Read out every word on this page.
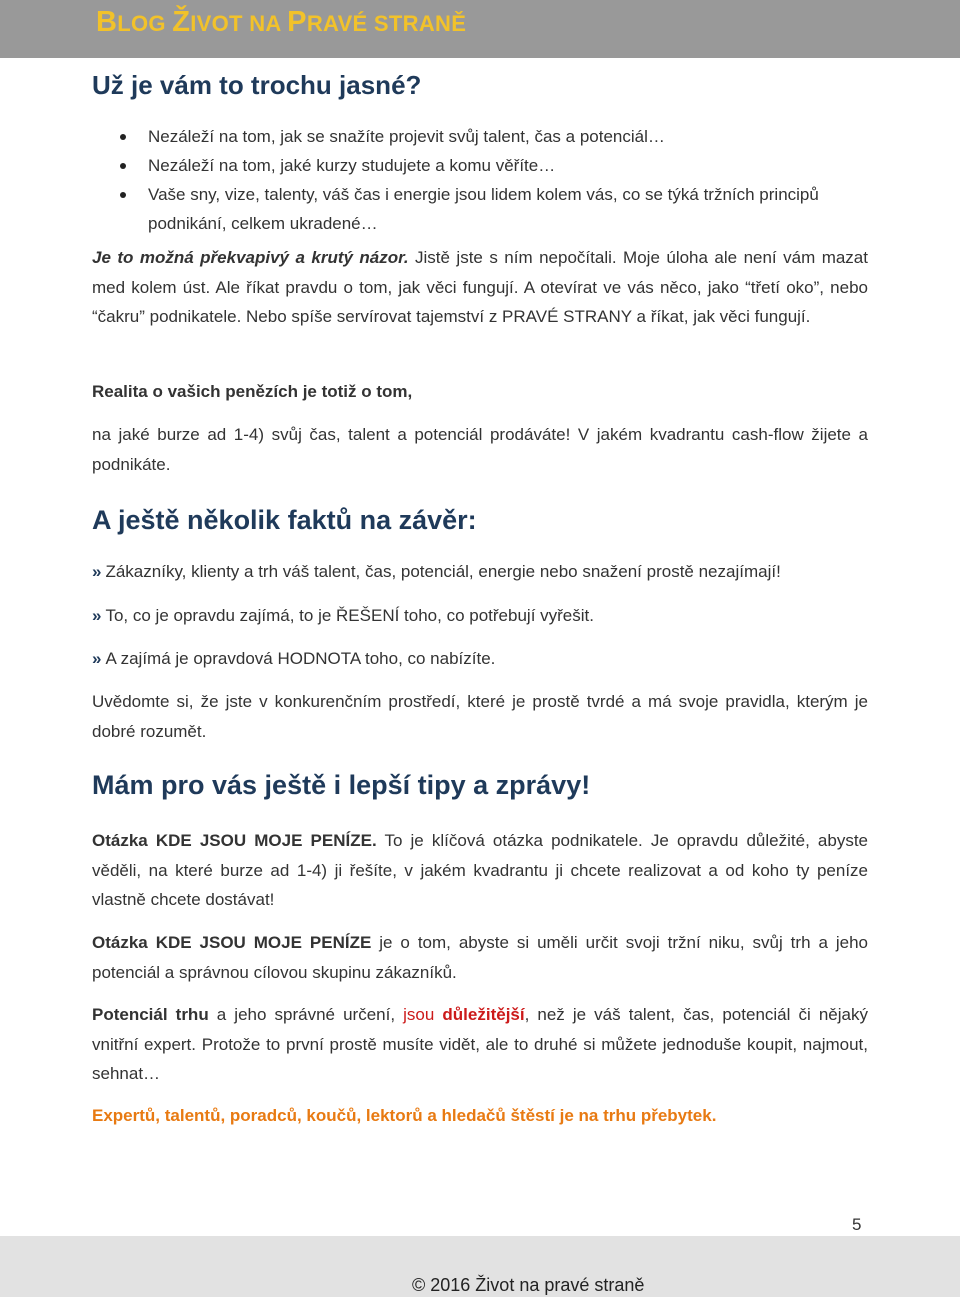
BLOG ŽIVOT NA PRAVÉ STRANĚ
Už je vám to trochu jasné?
Nezáleží na tom, jak se snažíte projevit svůj talent, čas a potenciál…
Nezáleží na tom, jaké kurzy studujete a komu věříte…
Vaše sny, vize, talenty, váš čas i energie jsou lidem kolem vás, co se týká tržních principů podnikání, celkem ukradené…

Je to možná překvapivý a krutý názor. Jistě jste s ním nepočítali. Moje úloha ale není vám mazat med kolem úst. Ale říkat pravdu o tom, jak věci fungují. A otevírat ve vás něco, jako “třetí oko”, nebo “čakru” podnikatele. Nebo spíše servírovat tajemství z PRAVÉ STRANY a říkat, jak věci fungují.

Realita o vašich penězích je totiž o tom,

na jaké burze ad 1-4) svůj čas, talent a potenciál prodáváte! V jakém kvadrantu cash-flow žijete a podnikáte.

A ještě několik faktů na závěr:

» Zákazníky, klienty a trh váš talent, čas, potenciál, energie nebo snažení prostě nezajímají!

» To, co je opravdu zajímá, to je ŘEŠENÍ toho, co potřebují vyřešit.

» A zajímá je opravdová HODNOTA toho, co nabízíte.

Uvědomte si, že jste v konkurenčním prostředí, které je prostě tvrdé a má svoje pravidla, kterým je dobré rozumět.

Mám pro vás ještě i lepší tipy a zprávy!

Otázka KDE JSOU MOJE PENÍZE. To je klíčová otázka podnikatele. Je opravdu důležité, abyste věděli, na které burze ad 1-4) ji řešíte, v jakém kvadrantu ji chcete realizovat a od koho ty peníze vlastně chcete dostávat!

Otázka KDE JSOU MOJE PENÍZE je o tom, abyste si uměli určit svoji tržní niku, svůj trh a jeho potenciál a správnou cílovou skupinu zákazníků.

Potenciál trhu a jeho správné určení, jsou důležitější, než je váš talent, čas, potenciál či nějaký vnitřní expert. Protože to první prostě musíte vidět, ale to druhé si můžete jednoduše koupit, najmout, sehnat…

Expertů, talentů, poradců, koučů, lektorů a hledačů štěstí je na trhu přebytek.

5
© 2016 Život na pravé straně
